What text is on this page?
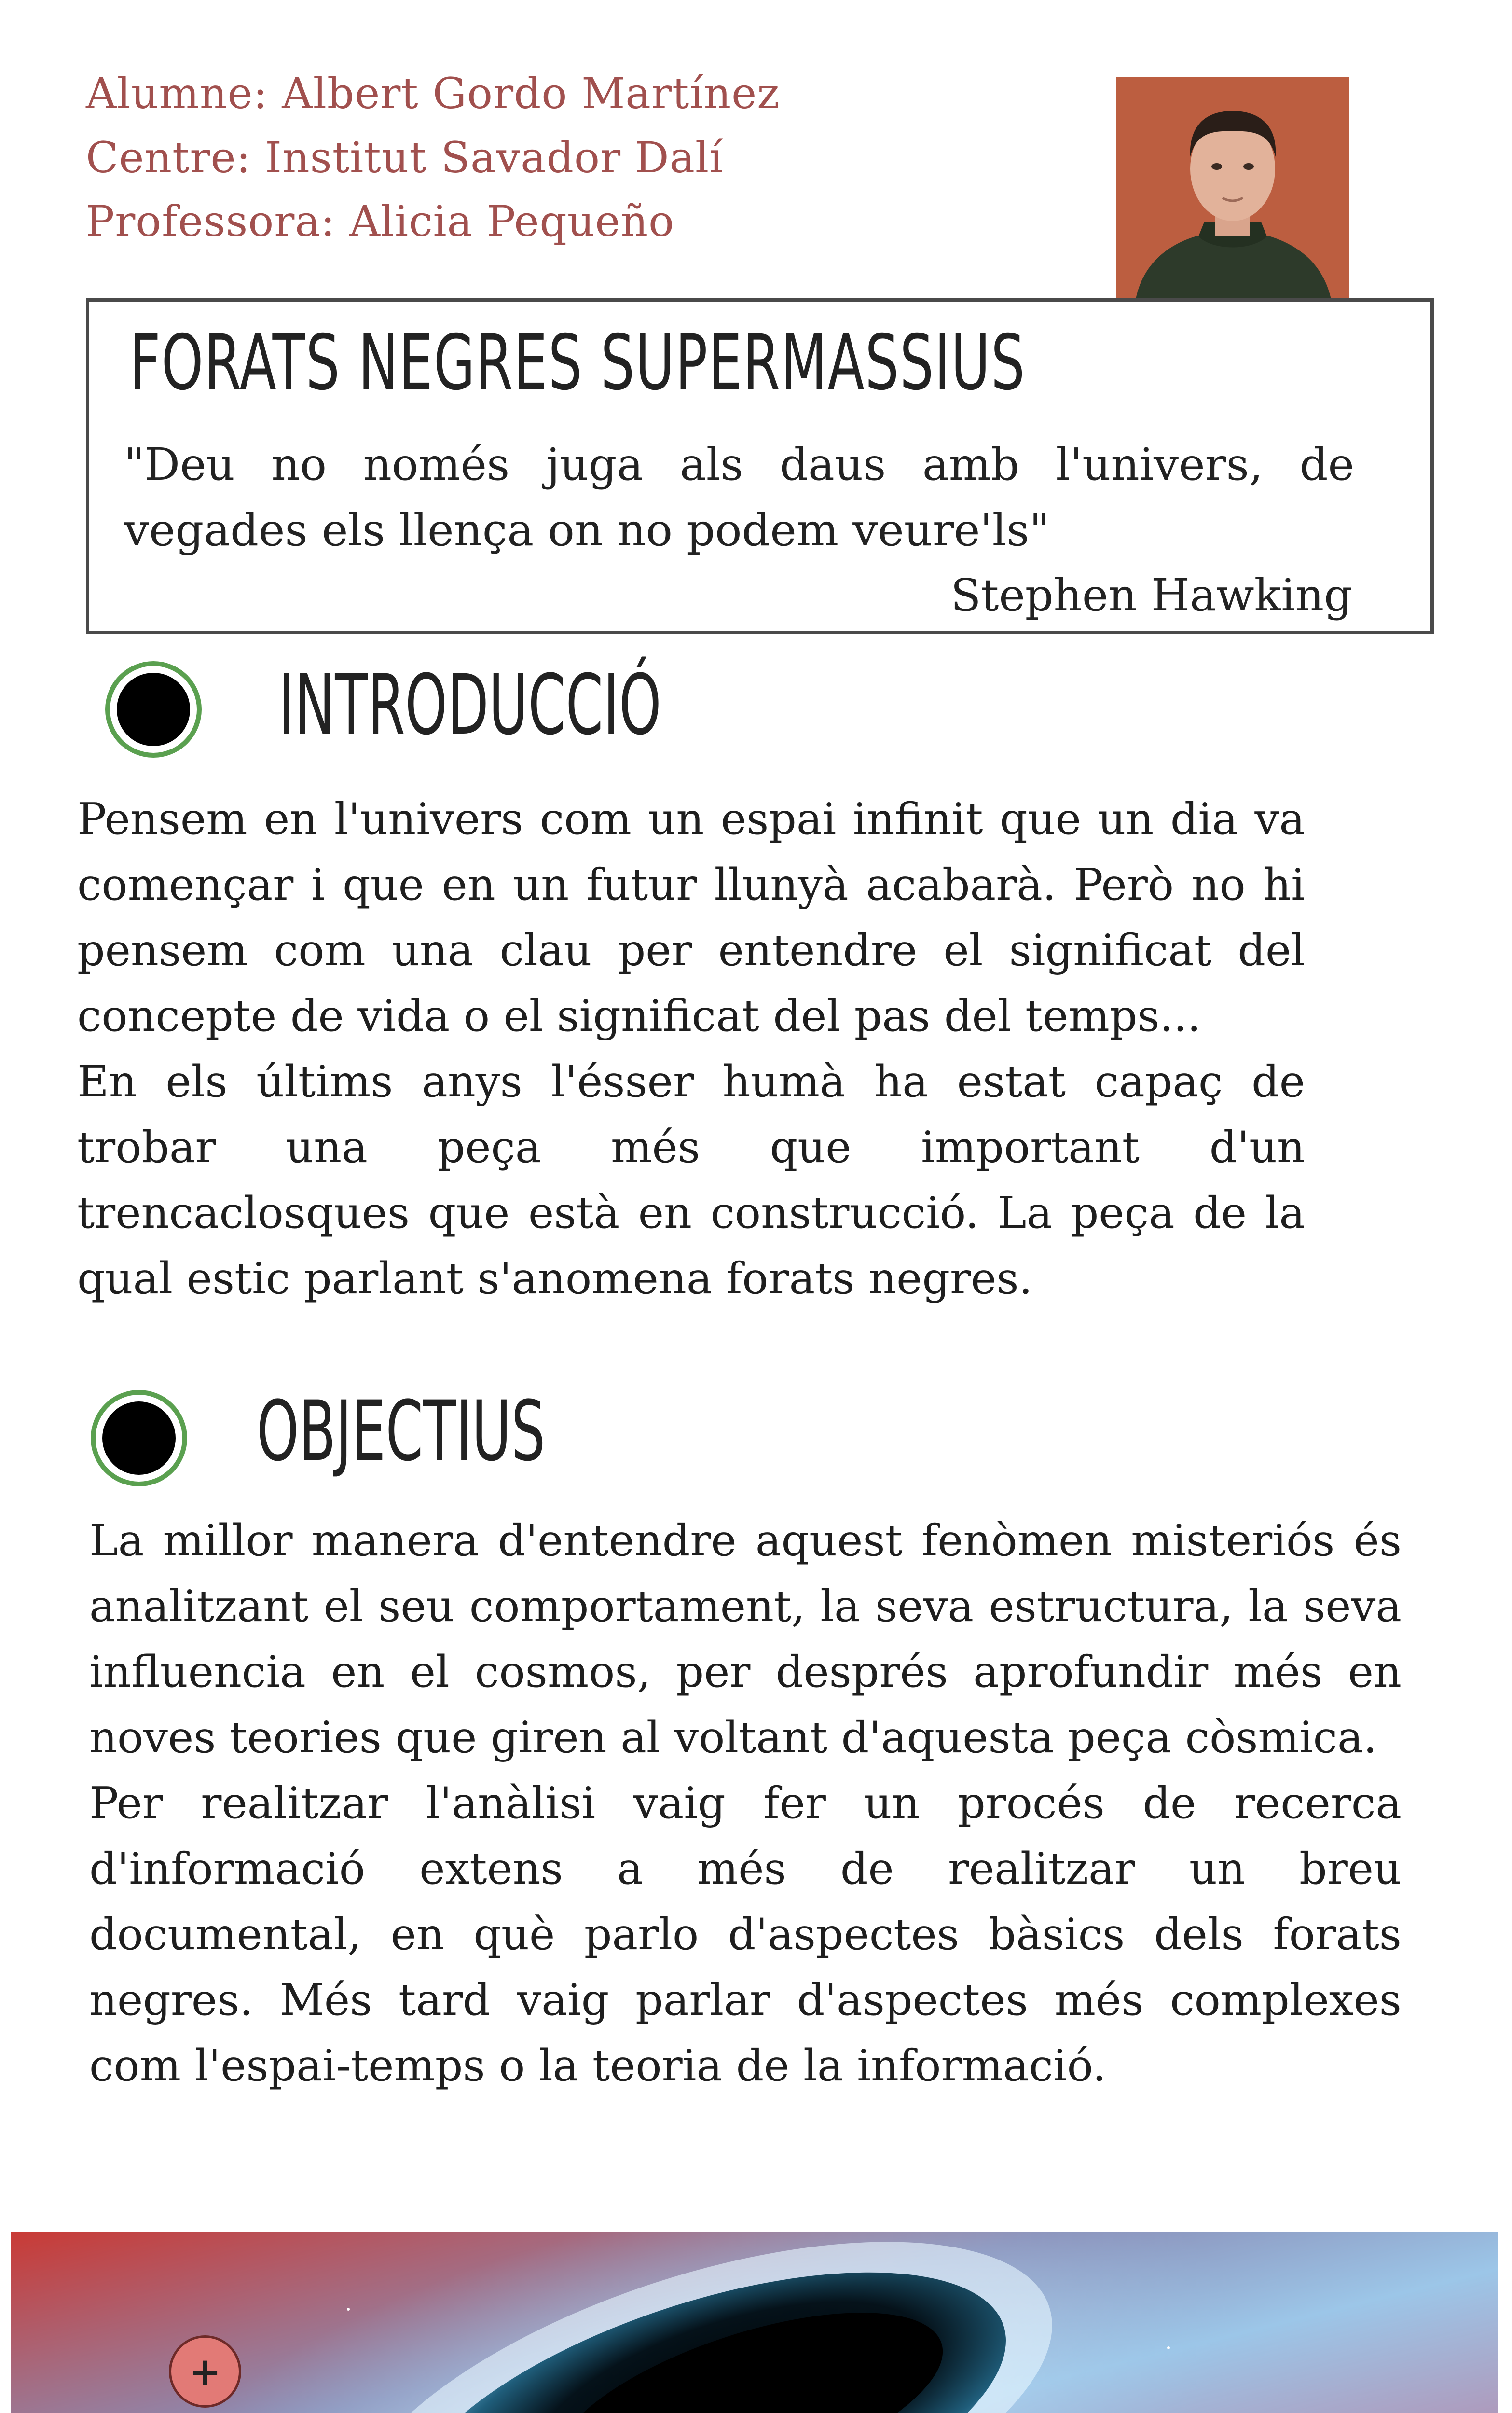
Alumne: Albert Gordo Martínez
Centre: Institut Savador Dalí
Professora: Alicia Pequeño
FORATS NEGRES SUPERMASSIUS
"Deu no només juga als daus amb l'univers, de vegades els llença on no podem veure'ls"
Stephen Hawking
INTRODUCCIÓ

Pensem en l'univers com un espai infinit que un dia va començar i que en un futur llunyà acabarà. Però no hi pensem com una clau per entendre el significat del concepte de vida o el significat del pas del temps...

En els últims anys l'ésser humà ha estat capaç de trobar una peça més que important d'un trencaclosques que està en construcció. La peça de la qual estic parlant s'anomena forats negres.

OBJECTIUS

La millor manera d'entendre aquest fenòmen misteriós és analitzant el seu comportament, la seva estructura, la seva influencia en el cosmos, per després aprofundir més en noves teories que giren al voltant d'aquesta peça còsmica.

Per realitzar l'anàlisi vaig fer un procés de recerca d'informació extens a més de realitzar un breu documental, en què parlo d'aspectes bàsics dels forats negres. Més tard vaig parlar d'aspectes més complexes com l'espai-temps o la teoria de la informació.

+
